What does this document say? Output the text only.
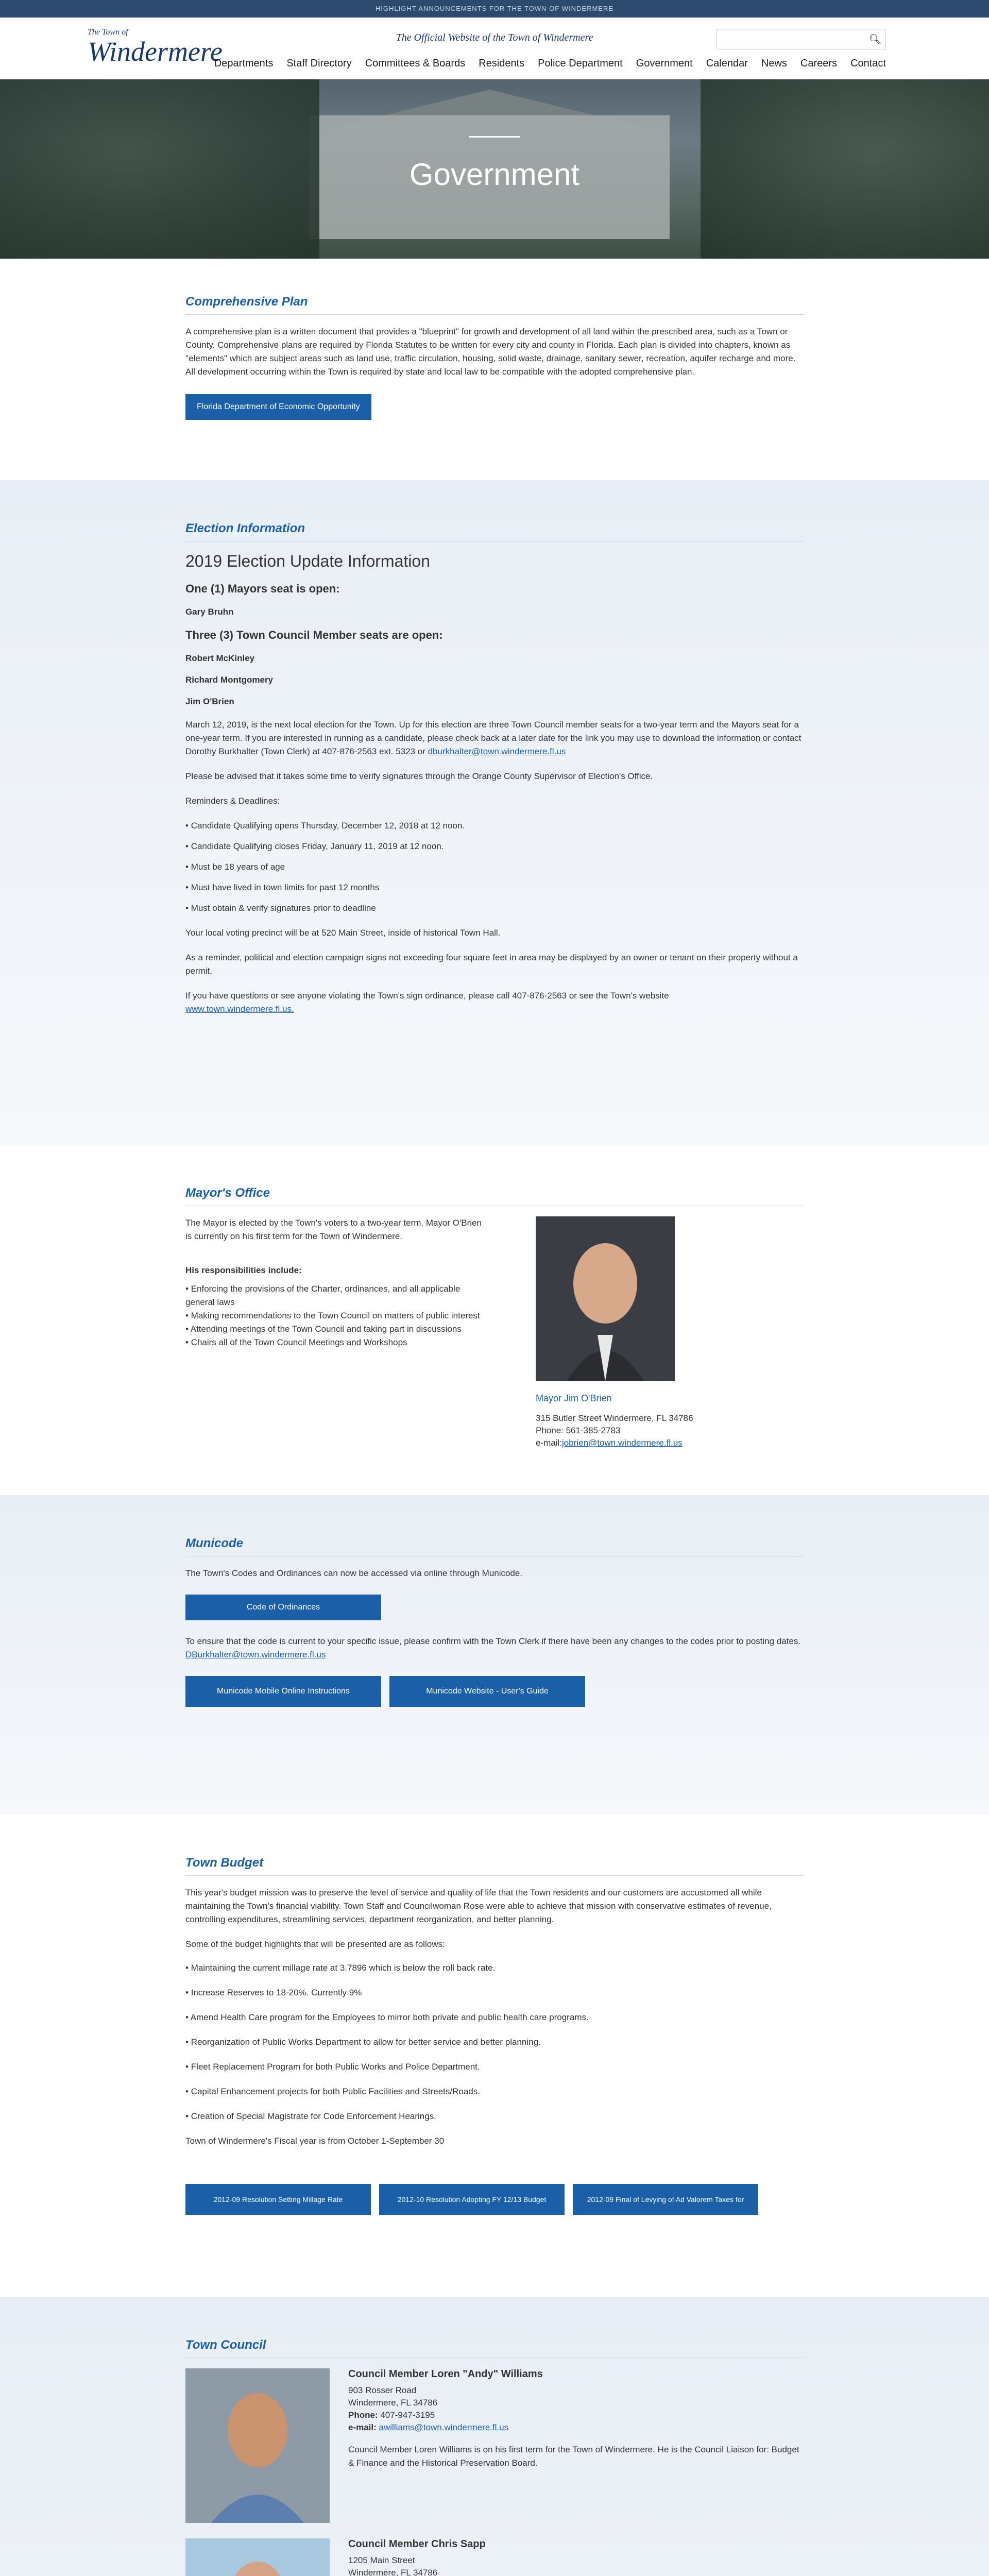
HIGHLIGHT ANNOUNCEMENTS FOR THE TOWN OF WINDERMERE
The Town of
Windermere	The Official Website of the Town of Windermere	🔍︎
Departments Staff Directory Committees & Boards Residents Police Department Government Calendar News Careers Contact
Government
Comprehensive Plan

A comprehensive plan is a written document that provides a "blueprint" for growth and development of all land within the prescribed area, such as a Town or County. Comprehensive plans are required by Florida Statutes to be written for every city and county in Florida. Each plan is divided into chapters, known as "elements" which are subject areas such as land use, traffic circulation, housing, solid waste, drainage, sanitary sewer, recreation, aquifer recharge and more. All development occurring within the Town is required by state and local law to be compatible with the adopted comprehensive plan.

Florida Department of Economic Opportunity
Election Information
2019 Election Update Information
One (1) Mayors seat is open:
Gary Bruhn
Three (3) Town Council Member seats are open:
Robert McKinley
Richard Montgomery
Jim O'Brien

March 12, 2019, is the next local election for the Town. Up for this election are three Town Council member seats for a two-year term and the Mayors seat for a one-year term. If you are interested in running as a candidate, please check back at a later date for the link you may use to download the information or contact Dorothy Burkhalter (Town Clerk) at 407-876-2563 ext. 5323 or dburkhalter@town.windermere.fl.us

Please be advised that it takes some time to verify signatures through the Orange County Supervisor of Election's Office.

Reminders & Deadlines:

• Candidate Qualifying opens Thursday, December 12, 2018 at 12 noon.
• Candidate Qualifying closes Friday, January 11, 2019 at 12 noon.
• Must be 18 years of age
• Must have lived in town limits for past 12 months
• Must obtain & verify signatures prior to deadline

Your local voting precinct will be at 520 Main Street, inside of historical Town Hall.

As a reminder, political and election campaign signs not exceeding four square feet in area may be displayed by an owner or tenant on their property without a permit.

If you have questions or see anyone violating the Town's sign ordinance, please call 407-876-2563 or see the Town's website
www.town.windermere.fl.us.

Mayor's Office

The Mayor is elected by the Town's voters to a two-year term. Mayor O'Brien is currently on his first term for the Town of Windermere.

His responsibilities include:

• Enforcing the provisions of the Charter, ordinances, and all applicable general laws
• Making recommendations to the Town Council on matters of public interest
• Attending meetings of the Town Council and taking part in discussions
• Chairs all of the Town Council Meetings and Workshops
Mayor Jim O'Brien
315 Butler Street Windermere, FL 34786
Phone: 561-385-2783
e-mail:jobrien@town.windermere.fl.us
Municode

The Town's Codes and Ordinances can now be accessed via online through Municode.

Code of Ordinances

To ensure that the code is current to your specific issue, please confirm with the Town Clerk if there have been any changes to the codes prior to posting dates. DBurkhalter@town.windermere.fl.us

Municode Mobile Online Instructions	Municode Website - User's Guide
Town Budget

This year's budget mission was to preserve the level of service and quality of life that the Town residents and our customers are accustomed all while maintaining the Town's financial viability. Town Staff and Councilwoman Rose were able to achieve that mission with conservative estimates of revenue, controlling expenditures, streamlining services, department reorganization, and better planning.

Some of the budget highlights that will be presented are as follows:

• Maintaining the current millage rate at 3.7896 which is below the roll back rate.
• Increase Reserves to 18-20%. Currently 9%
• Amend Health Care program for the Employees to mirror both private and public health care programs.
• Reorganization of Public Works Department to allow for better service and better planning.
• Fleet Replacement Program for both Public Works and Police Department.
• Capital Enhancement projects for both Public Facilities and Streets/Roads.
• Creation of Special Magistrate for Code Enforcement Hearings.

Town of Windermere's Fiscal year is from October 1-September 30

2012-09 Resolution Setting Millage Rate	2012-10 Resolution Adopting FY 12/13 Budget	2012-09 Final of Levying of Ad Valorem Taxes for FY 12/14
Town Council
Council Member Loren "Andy" Williams
903 Rosser Road
Windermere, FL 34786
Phone: 407-947-3195
e-mail: awilliams@town.windermere.fl.us
Council Member Loren Williams is on his first term for the Town of Windermere. He is the Council Liaison for: Budget & Finance and the Historical Preservation Board.
Council Member Chris Sapp
1205 Main Street
Windermere, FL 34786
